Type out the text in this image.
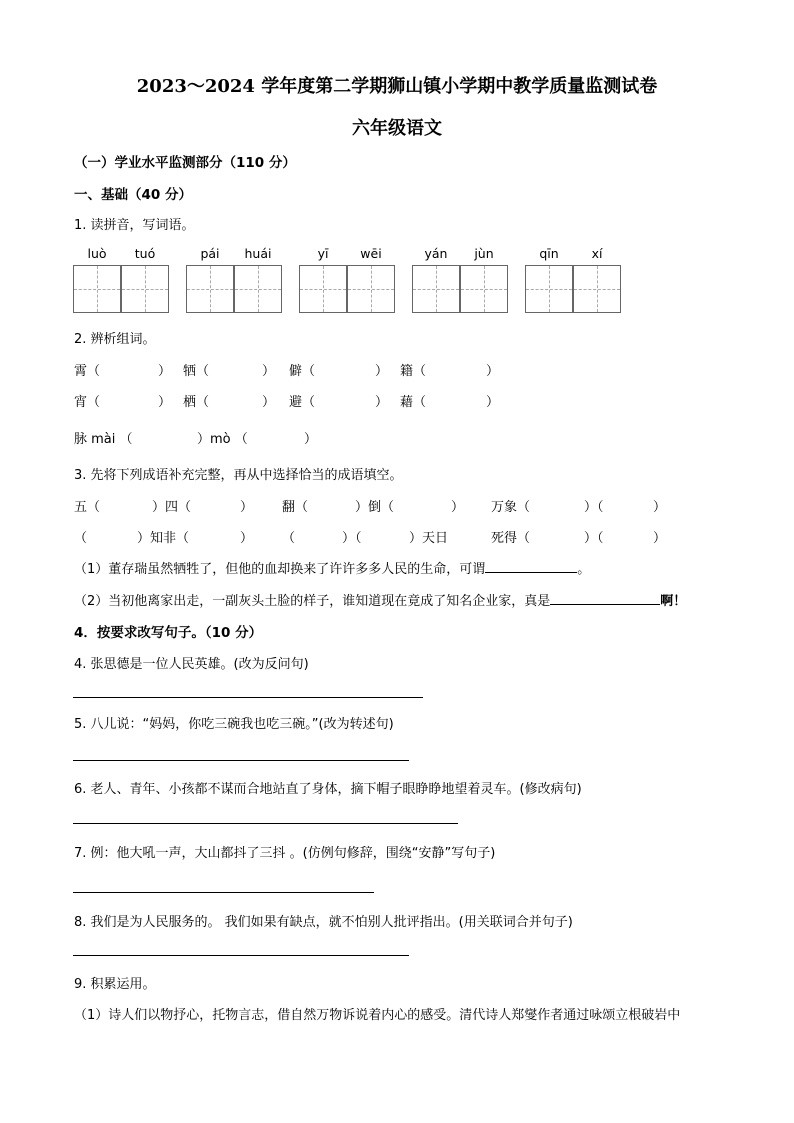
2023～2024 学年度第二学期狮山镇小学期中教学质量监测试卷
六年级语文
（一）学业水平监测部分（110 分）
一、基础（40 分）
1. 读拼音，写词语。
luò	tuó	pái	huái	yī	wēi	yán	jùn	qīn	xí
2. 辨析组词。
霄（	） 牺（	） 僻（	） 籍（	）
宵（	） 栖（	） 避（	） 藉（	）
脉 mài （	）mò （	）
3. 先将下列成语补充完整，再从中选择恰当的成语填空。
五（	）四（	） 翻（	）倒（	） 万象（	）（	）
（	）知非（	） （	）（	）天日	死得（	）（	）
（1）董存瑞虽然牺牲了，但他的血却换来了许许多多人民的生命，可谓	。
（2）当初他离家出走，一副灰头土脸的样子，谁知道现在竟成了知名企业家，真是	啊！
4．按要求改写句子。（10 分）
4. 张思德是一位人民英雄。(改为反问句)
5. 八儿说：“妈妈，你吃三碗我也吃三碗。”(改为转述句)
6. 老人、青年、小孩都不谋而合地站直了身体，摘下帽子眼睁睁地望着灵车。(修改病句)
7. 例：他大吼一声，大山都抖了三抖 。(仿例句修辞，围绕“安静”写句子)
8. 我们是为人民服务的。 我们如果有缺点，就不怕别人批评指出。(用关联词合并句子)
9. 积累运用。
（1）诗人们以物抒心，托物言志，借自然万物诉说着内心的感受。清代诗人郑燮作者通过咏颂立根破岩中
